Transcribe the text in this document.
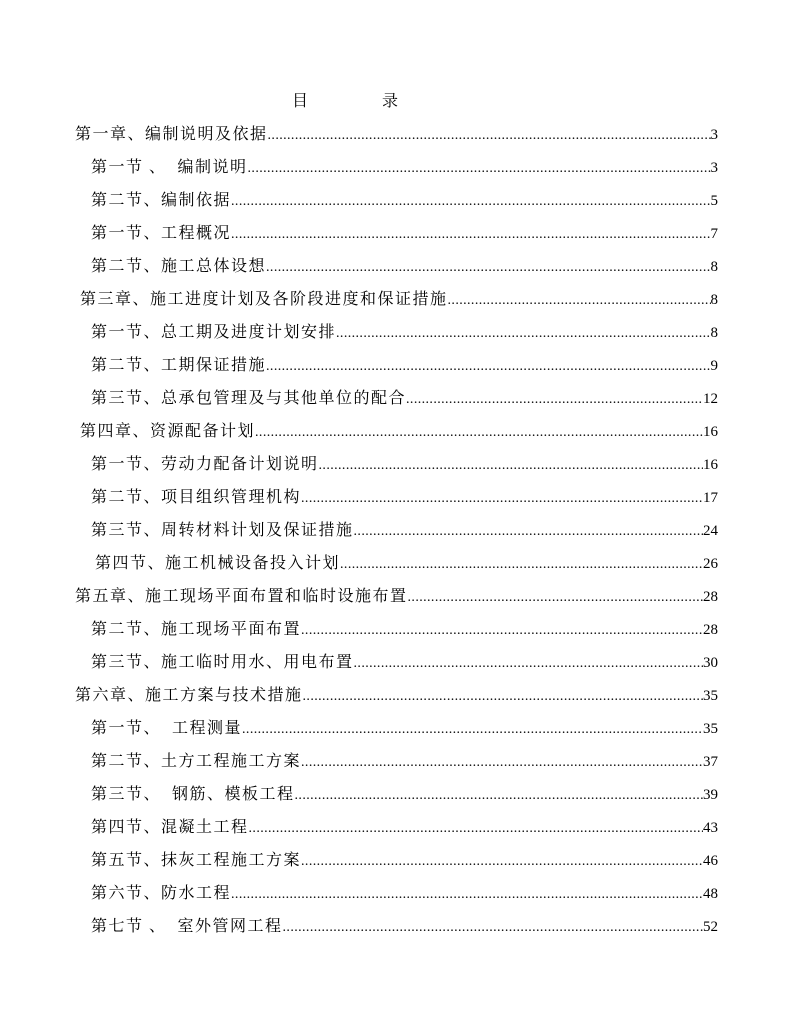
目	录
第一章、编制说明及依据 .....	3
第一节 、  编制说明 .....	3
第二节、编制依据 .....	5
第一节、工程概况 .....	7
第二节、施工总体设想 .....	8
第三章、施工进度计划及各阶段进度和保证措施 .....	8
第一节、总工期及进度计划安排 .....	8
第二节、工期保证措施 .....	9
第三节、总承包管理及与其他单位的配合 .....	12
第四章、资源配备计划 .....	16
第一节、劳动力配备计划说明 .....	16
第二节、项目组织管理机构 .....	17
第三节、周转材料计划及保证措施 .....	24
第四节、施工机械设备投入计划 .....	26
第五章、施工现场平面布置和临时设施布置 .....	28
第二节、施工现场平面布置 .....	28
第三节、施工临时用水、用电布置 .....	30
第六章、施工方案与技术措施 .....	35
第一节、  工程测量 .....	35
第二节、土方工程施工方案 .....	37
第三节、  钢筋、模板工程 .....	39
第四节、混凝土工程 .....	43
第五节、抹灰工程施工方案 .....	46
第六节、防水工程 .....	48
第七节 、  室外管网工程 .....	52
